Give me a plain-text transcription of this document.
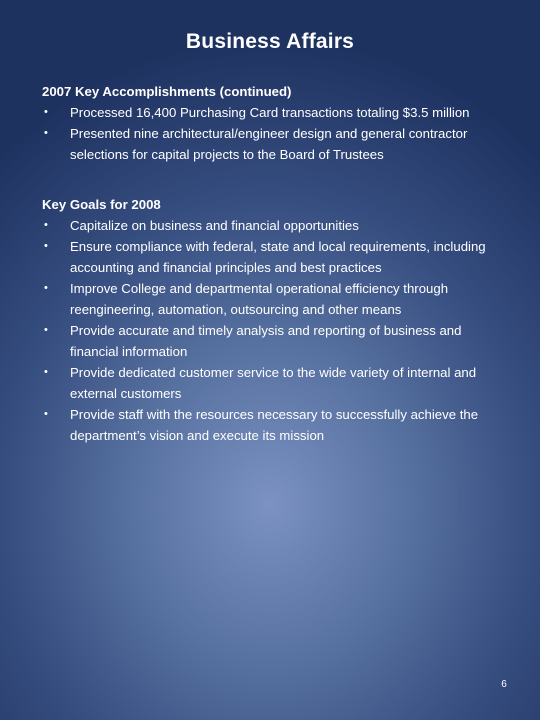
Business Affairs
2007 Key Accomplishments (continued)
• Processed 16,400 Purchasing Card transactions totaling $3.5 million
• Presented nine architectural/engineer design and general contractor selections for capital projects to the Board of Trustees
Key Goals for 2008
• Capitalize on business and financial opportunities
• Ensure compliance with federal, state and local requirements, including accounting and financial principles and best practices
• Improve College and departmental operational efficiency through reengineering, automation, outsourcing and other means
• Provide accurate and timely analysis and reporting of business and financial information
• Provide dedicated customer service to the wide variety of internal and external customers
• Provide staff with the resources necessary to successfully achieve the department’s vision and execute its mission
6
